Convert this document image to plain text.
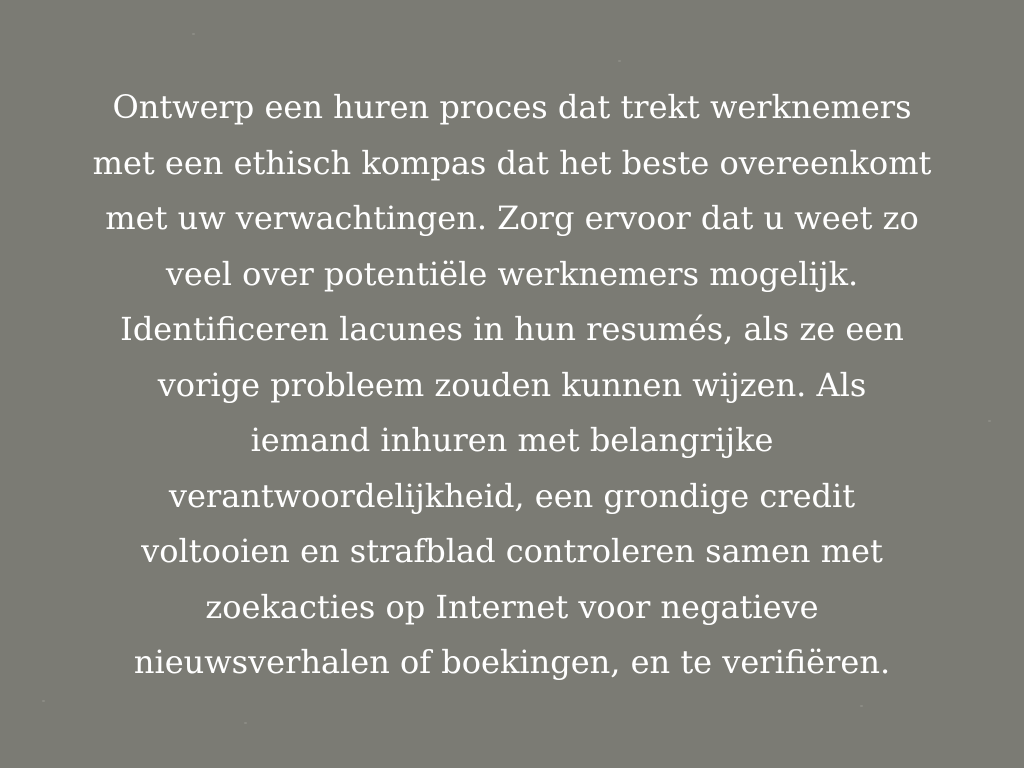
Ontwerp een huren proces dat trekt werknemers
met een ethisch kompas dat het beste overeenkomt
met uw verwachtingen. Zorg ervoor dat u weet zo
veel over potentiële werknemers mogelijk.
Identificeren lacunes in hun resumés, als ze een
vorige probleem zouden kunnen wijzen. Als
iemand inhuren met belangrijke
verantwoordelijkheid, een grondige credit
voltooien en strafblad controleren samen met
zoekacties op Internet voor negatieve
nieuwsverhalen of boekingen, en te verifiëren.
